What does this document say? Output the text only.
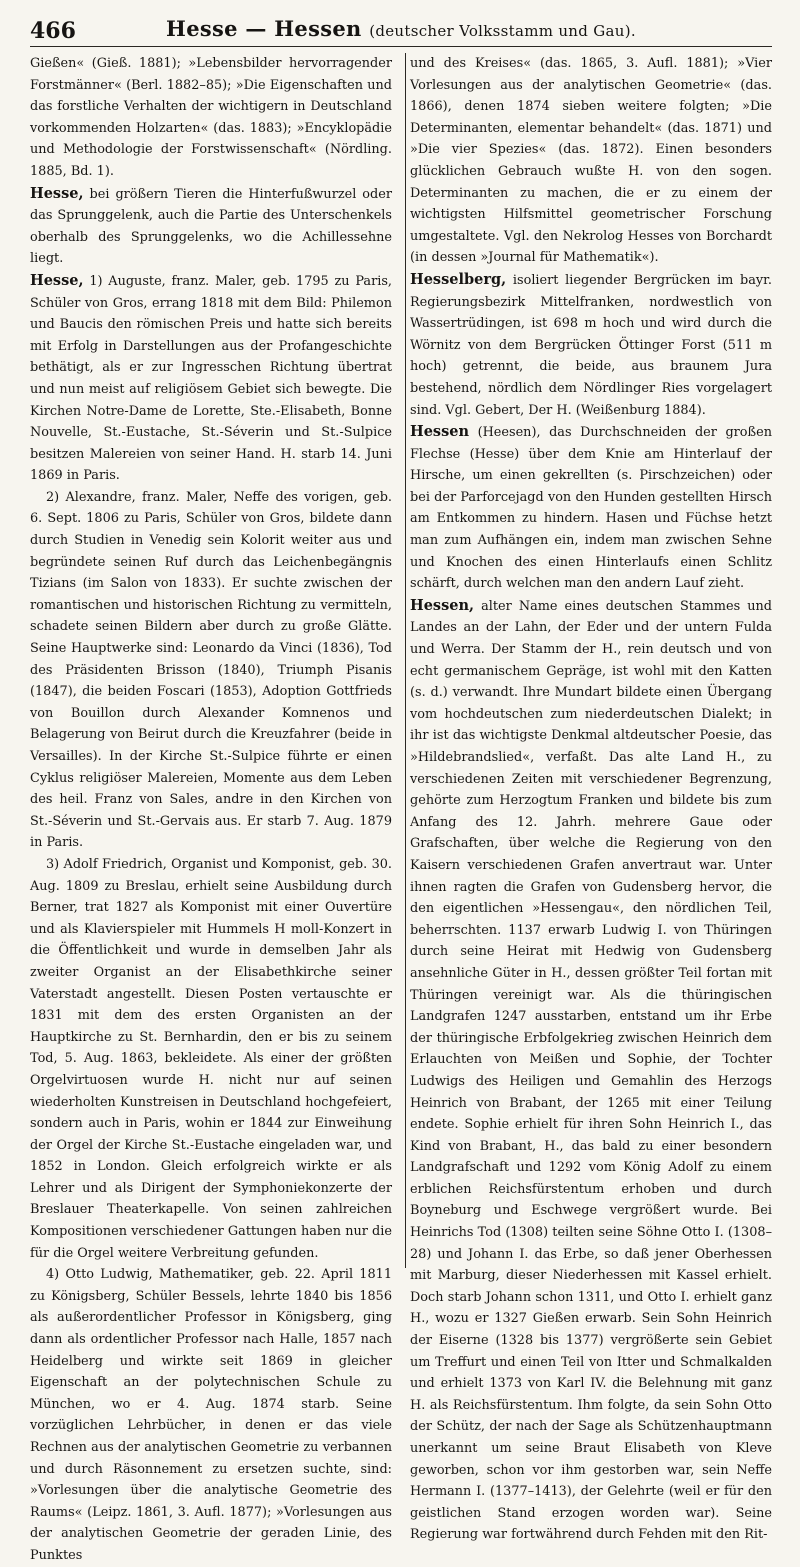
466	Hesse — Hessen (deutscher Volksstamm und Gau).

Gießen« (Gieß. 1881); »Lebensbilder hervorragender Forstmänner« (Berl. 1882–85); »Die Eigenschaften und das forstliche Verhalten der wichtigern in Deutschland vorkommenden Holzarten« (das. 1883); »Encyklopädie und Methodologie der Forstwissenschaft« (Nördling. 1885, Bd. 1).

Hesse, bei größern Tieren die Hinterfußwurzel oder das Sprunggelenk, auch die Partie des Unterschenkels oberhalb des Sprunggelenks, wo die Achillessehne liegt.

Hesse, 1) Auguste, franz. Maler, geb. 1795 zu Paris, Schüler von Gros, errang 1818 mit dem Bild: Philemon und Baucis den römischen Preis und hatte sich bereits mit Erfolg in Darstellungen aus der Profangeschichte bethätigt, als er zur Ingresschen Richtung übertrat und nun meist auf religiösem Gebiet sich bewegte. Die Kirchen Notre-Dame de Lorette, Ste.-Elisabeth, Bonne Nouvelle, St.-Eustache, St.-Séverin und St.-Sulpice besitzen Malereien von seiner Hand. H. starb 14. Juni 1869 in Paris.

2) Alexandre, franz. Maler, Neffe des vorigen, geb. 6. Sept. 1806 zu Paris, Schüler von Gros, bildete dann durch Studien in Venedig sein Kolorit weiter aus und begründete seinen Ruf durch das Leichenbegängnis Tizians (im Salon von 1833). Er suchte zwischen der romantischen und historischen Richtung zu vermitteln, schadete seinen Bildern aber durch zu große Glätte. Seine Hauptwerke sind: Leonardo da Vinci (1836), Tod des Präsidenten Brisson (1840), Triumph Pisanis (1847), die beiden Foscari (1853), Adoption Gottfrieds von Bouillon durch Alexander Komnenos und Belagerung von Beirut durch die Kreuzfahrer (beide in Versailles). In der Kirche St.-Sulpice führte er einen Cyklus religiöser Malereien, Momente aus dem Leben des heil. Franz von Sales, andre in den Kirchen von St.-Séverin und St.-Gervais aus. Er starb 7. Aug. 1879 in Paris.

3) Adolf Friedrich, Organist und Komponist, geb. 30. Aug. 1809 zu Breslau, erhielt seine Ausbildung durch Berner, trat 1827 als Komponist mit einer Ouvertüre und als Klavierspieler mit Hummels H moll-Konzert in die Öffentlichkeit und wurde in demselben Jahr als zweiter Organist an der Elisabethkirche seiner Vaterstadt angestellt. Diesen Posten vertauschte er 1831 mit dem des ersten Organisten an der Hauptkirche zu St. Bernhardin, den er bis zu seinem Tod, 5. Aug. 1863, bekleidete. Als einer der größten Orgelvirtuosen wurde H. nicht nur auf seinen wiederholten Kunstreisen in Deutschland hochgefeiert, sondern auch in Paris, wohin er 1844 zur Einweihung der Orgel der Kirche St.-Eustache eingeladen war, und 1852 in London. Gleich erfolgreich wirkte er als Lehrer und als Dirigent der Symphoniekonzerte der Breslauer Theaterkapelle. Von seinen zahlreichen Kompositionen verschiedener Gattungen haben nur die für die Orgel weitere Verbreitung gefunden.

4) Otto Ludwig, Mathematiker, geb. 22. April 1811 zu Königsberg, Schüler Bessels, lehrte 1840 bis 1856 als außerordentlicher Professor in Königsberg, ging dann als ordentlicher Professor nach Halle, 1857 nach Heidelberg und wirkte seit 1869 in gleicher Eigenschaft an der polytechnischen Schule zu München, wo er 4. Aug. 1874 starb. Seine vorzüglichen Lehrbücher, in denen er das viele Rechnen aus der analytischen Geometrie zu verbannen und durch Räsonnement zu ersetzen suchte, sind: »Vorlesungen über die analytische Geometrie des Raums« (Leipz. 1861, 3. Aufl. 1877); »Vorlesungen aus der analytischen Geometrie der geraden Linie, des Punktes

und des Kreises« (das. 1865, 3. Aufl. 1881); »Vier Vorlesungen aus der analytischen Geometrie« (das. 1866), denen 1874 sieben weitere folgten; »Die Determinanten, elementar behandelt« (das. 1871) und »Die vier Spezies« (das. 1872). Einen besonders glücklichen Gebrauch wußte H. von den sogen. Determinanten zu machen, die er zu einem der wichtigsten Hilfsmittel geometrischer Forschung umgestaltete. Vgl. den Nekrolog Hesses von Borchardt (in dessen »Journal für Mathematik«).

Hesselberg, isoliert liegender Bergrücken im bayr. Regierungsbezirk Mittelfranken, nordwestlich von Wassertrüdingen, ist 698 m hoch und wird durch die Wörnitz von dem Bergrücken Öttinger Forst (511 m hoch) getrennt, die beide, aus braunem Jura bestehend, nördlich dem Nördlinger Ries vorgelagert sind. Vgl. Gebert, Der H. (Weißenburg 1884).

Hessen (Heesen), das Durchschneiden der großen Flechse (Hesse) über dem Knie am Hinterlauf der Hirsche, um einen gekrellten (s. Pirschzeichen) oder bei der Parforcejagd von den Hunden gestellten Hirsch am Entkommen zu hindern. Hasen und Füchse hetzt man zum Aufhängen ein, indem man zwischen Sehne und Knochen des einen Hinterlaufs einen Schlitz schärft, durch welchen man den andern Lauf zieht.

Hessen, alter Name eines deutschen Stammes und Landes an der Lahn, der Eder und der untern Fulda und Werra. Der Stamm der H., rein deutsch und von echt germanischem Gepräge, ist wohl mit den Katten (s. d.) verwandt. Ihre Mundart bildete einen Übergang vom hochdeutschen zum niederdeutschen Dialekt; in ihr ist das wichtigste Denkmal altdeutscher Poesie, das »Hildebrandslied«, verfaßt. Das alte Land H., zu verschiedenen Zeiten mit verschiedener Begrenzung, gehörte zum Herzogtum Franken und bildete bis zum Anfang des 12. Jahrh. mehrere Gaue oder Grafschaften, über welche die Regierung von den Kaisern verschiedenen Grafen anvertraut war. Unter ihnen ragten die Grafen von Gudensberg hervor, die den eigentlichen »Hessengau«, den nördlichen Teil, beherrschten. 1137 erwarb Ludwig I. von Thüringen durch seine Heirat mit Hedwig von Gudensberg ansehnliche Güter in H., dessen größter Teil fortan mit Thüringen vereinigt war. Als die thüringischen Landgrafen 1247 ausstarben, entstand um ihr Erbe der thüringische Erbfolgekrieg zwischen Heinrich dem Erlauchten von Meißen und Sophie, der Tochter Ludwigs des Heiligen und Gemahlin des Herzogs Heinrich von Brabant, der 1265 mit einer Teilung endete. Sophie erhielt für ihren Sohn Heinrich I., das Kind von Brabant, H., das bald zu einer besondern Landgrafschaft und 1292 vom König Adolf zu einem erblichen Reichsfürstentum erhoben und durch Boyneburg und Eschwege vergrößert wurde. Bei Heinrichs Tod (1308) teilten seine Söhne Otto I. (1308–28) und Johann I. das Erbe, so daß jener Oberhessen mit Marburg, dieser Niederhessen mit Kassel erhielt. Doch starb Johann schon 1311, und Otto I. erhielt ganz H., wozu er 1327 Gießen erwarb. Sein Sohn Heinrich der Eiserne (1328 bis 1377) vergrößerte sein Gebiet um Treffurt und einen Teil von Itter und Schmalkalden und erhielt 1373 von Karl IV. die Belehnung mit ganz H. als Reichsfürstentum. Ihm folgte, da sein Sohn Otto der Schütz, der nach der Sage als Schützenhauptmann unerkannt um seine Braut Elisabeth von Kleve geworben, schon vor ihm gestorben war, sein Neffe Hermann I. (1377–1413), der Gelehrte (weil er für den geistlichen Stand erzogen worden war). Seine Regierung war fortwährend durch Fehden mit den Rit-
